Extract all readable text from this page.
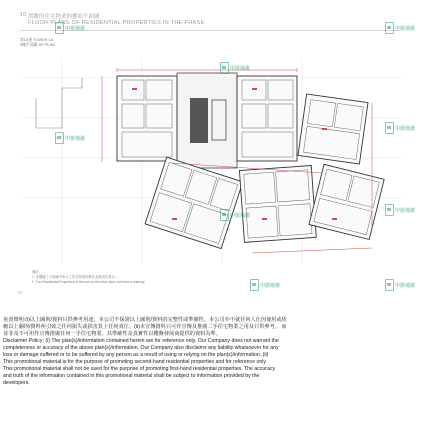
10 期數的住宅物業的樓面平面圖
FLOOR PLANS OF RESIDENTIAL PROPERTIES IN THE PHASE
第1A座 TOWER 1A
9樓平面圖 9/F PLAN
備註:
1. 本樓層之平面圖中所示之住宅物業的單位並無設有露台...
1. The Residential Properties of the unit on this floor does not have a balcony.
37
中原地產	中原地產
中原地產
中原地產
中原地產
中原地產
中原地產
中原地產
中原地產

免責聲明:(i)以上圖則/資料只供參考用途。本公司不保證以上圖則/資料的完整性或準確性。本公司亦不就任何人仕因使用或依

賴以上圖則/資料所引致之任何損失或損害負上任何責任。(ii)本宣傳資料只可作宣傳及推廣二手住宅物業之用及只供參考。 而

並非及不可用作宣傳推廣任何一手住宅物業。其準確性及真實性以樓盤發展商提供的資料為準。

Disclaimer Policy: (i) The plan(s)/information contained herein are for reference only. Our Company does not warrant the

completeness or accuracy of the above plan(s)/information. Our Company also disclaims any liability whatsoever for any

loss or damage suffered or to be suffered by any person as a result of using or relying on the plan(s)/information. (ii)

This promotional material is for the purpose of promoting second-hand residential properties and for reference only.

This promotional material shall not be used for the purpose of promoting first-hand residential properties. The accuracy

and truth of the information contained in this promotional material shall be subject to information provided by the

developers.
